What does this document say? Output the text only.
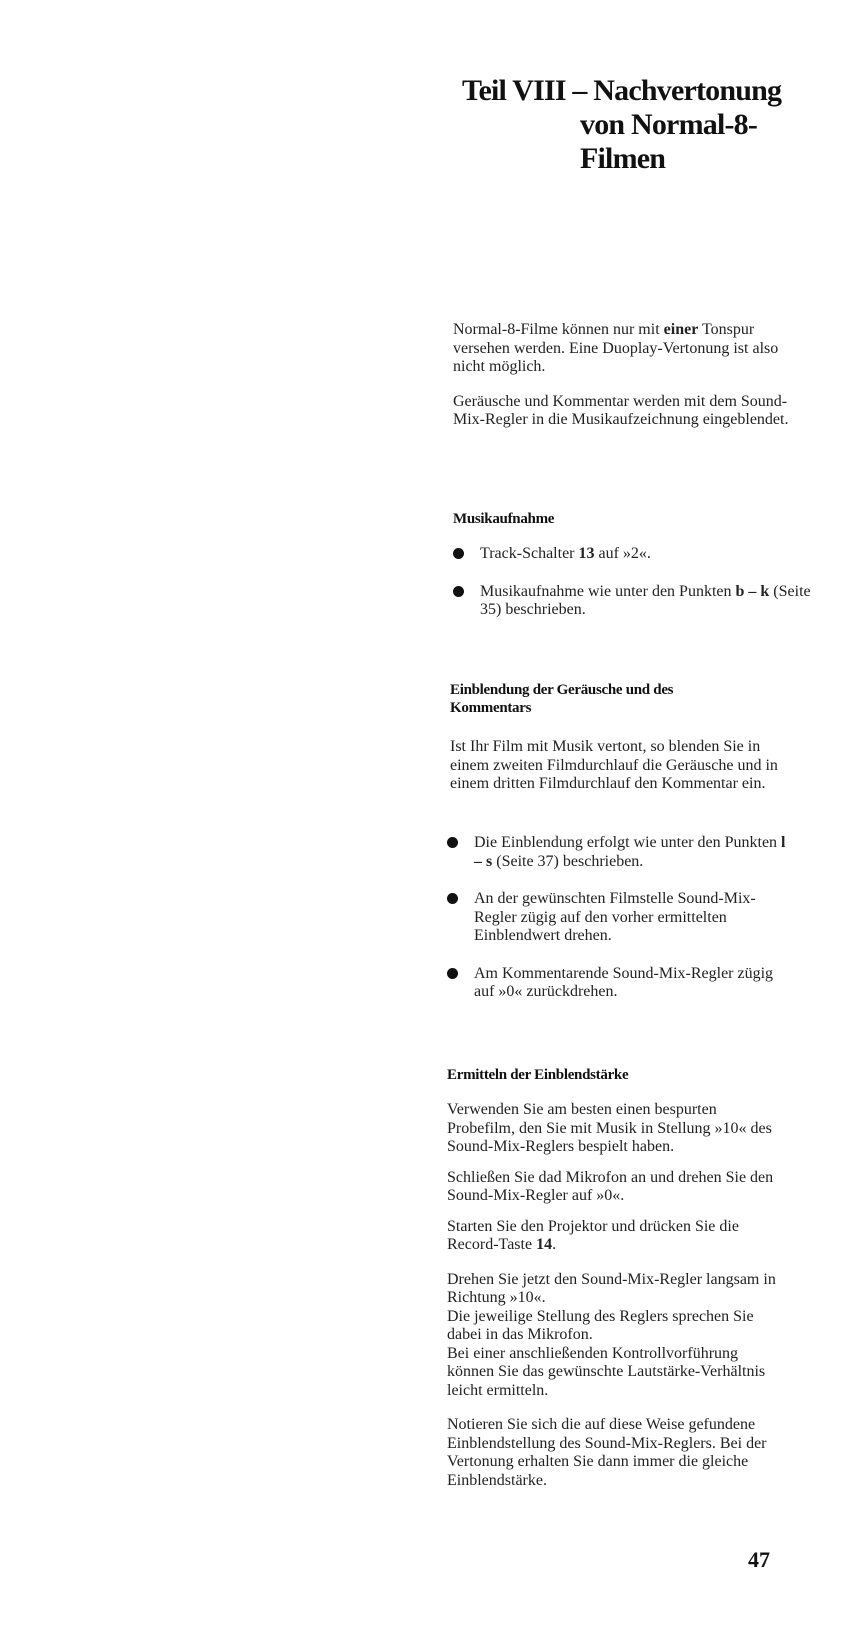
Teil VIII – Nachvertonung
von Normal-8-
Filmen

Normal-8-Filme können nur mit einer Tonspur versehen werden. Eine Duoplay-Vertonung ist also nicht möglich.

Geräusche und Kommentar werden mit dem Sound-Mix-Regler in die Musikaufzeichnung eingeblendet.

Musikaufnahme
Track-Schalter 13 auf »2«.
Musikaufnahme wie unter den Punkten b – k (Seite 35) beschrieben.
Einblendung der Geräusche und des Kommentars

Ist Ihr Film mit Musik vertont, so blenden Sie in einem zweiten Filmdurchlauf die Geräusche und in einem dritten Filmdurchlauf den Kommentar ein.

Die Einblendung erfolgt wie unter den Punkten l – s (Seite 37) beschrieben.
An der gewünschten Filmstelle Sound-Mix-Regler zügig auf den vorher ermittelten Einblendwert drehen.
Am Kommentarende Sound-Mix-Regler zügig auf »0« zurückdrehen.
Ermitteln der Einblendstärke

Verwenden Sie am besten einen bespurten Probefilm, den Sie mit Musik in Stellung »10« des Sound-Mix-Reglers bespielt haben.

Schließen Sie dad Mikrofon an und drehen Sie den Sound-Mix-Regler auf »0«.

Starten Sie den Projektor und drücken Sie die Record-Taste 14.

Drehen Sie jetzt den Sound-Mix-Regler langsam in Richtung »10«.
Die jeweilige Stellung des Reglers sprechen Sie dabei in das Mikrofon.
Bei einer anschließenden Kontrollvorführung können Sie das gewünschte Lautstärke-Verhältnis leicht ermitteln.

Notieren Sie sich die auf diese Weise gefundene Einblendstellung des Sound-Mix-Reglers. Bei der Vertonung erhalten Sie dann immer die gleiche Einblendstärke.

47
